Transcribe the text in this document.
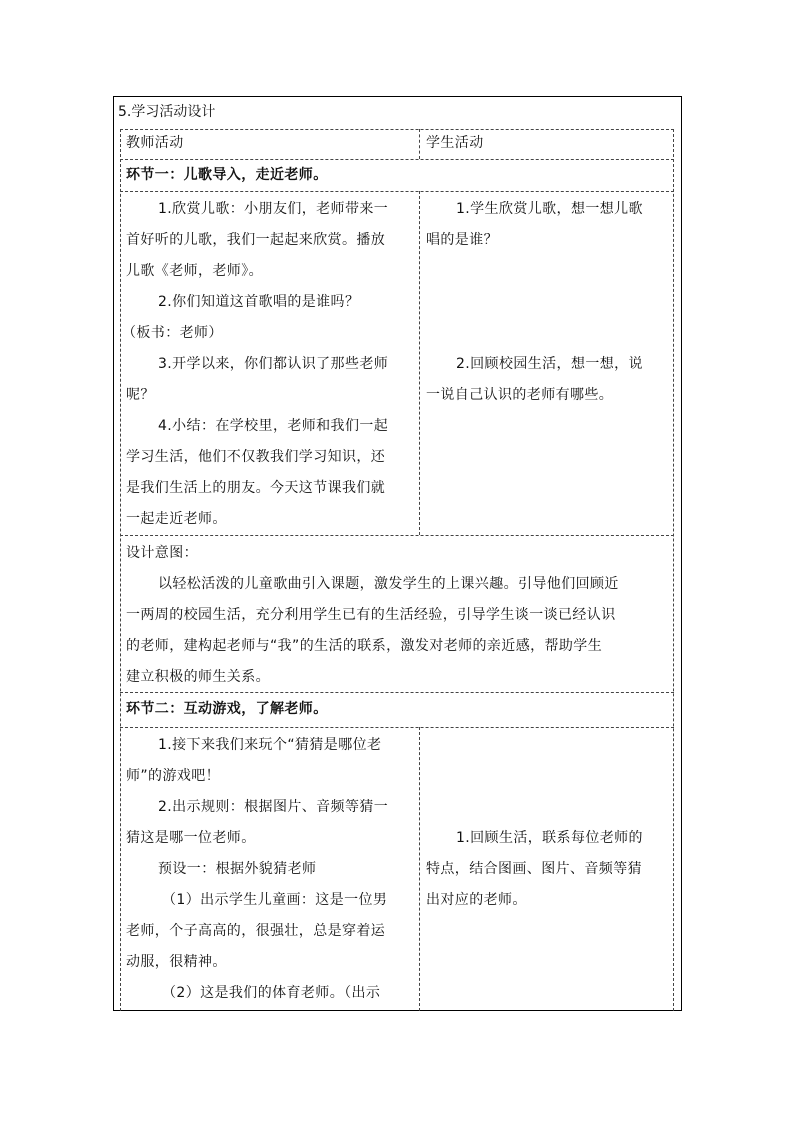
5.学习活动设计
教师活动	学生活动
环节一：儿歌导入，走近老师。
1.欣赏儿歌：小朋友们，老师带来一
首好听的儿歌，我们一起起来欣赏。播放
儿歌《老师，老师》。
2.你们知道这首歌唱的是谁吗？
（板书：老师）
3.开学以来，你们都认识了那些老师
呢？
4.小结：在学校里，老师和我们一起
学习生活，他们不仅教我们学习知识，还
是我们生活上的朋友。今天这节课我们就
一起走近老师。
1.学生欣赏儿歌，想一想儿歌
唱的是谁？
2.回顾校园生活，想一想，说
一说自己认识的老师有哪些。
设计意图：
以轻松活泼的儿童歌曲引入课题，激发学生的上课兴趣。引导他们回顾近
一两周的校园生活，充分利用学生已有的生活经验，引导学生谈一谈已经认识
的老师，建构起老师与“我”的生活的联系，激发对老师的亲近感，帮助学生
建立积极的师生关系。
环节二：互动游戏，了解老师。
1.接下来我们来玩个“猜猜是哪位老
师”的游戏吧！
2.出示规则：根据图片、音频等猜一
猜这是哪一位老师。
预设一：根据外貌猜老师
（1）出示学生儿童画：这是一位男
老师，个子高高的，很强壮，总是穿着运
动服，很精神。
（2）这是我们的体育老师。（出示
1.回顾生活，联系每位老师的
特点，结合图画、图片、音频等猜
出对应的老师。
